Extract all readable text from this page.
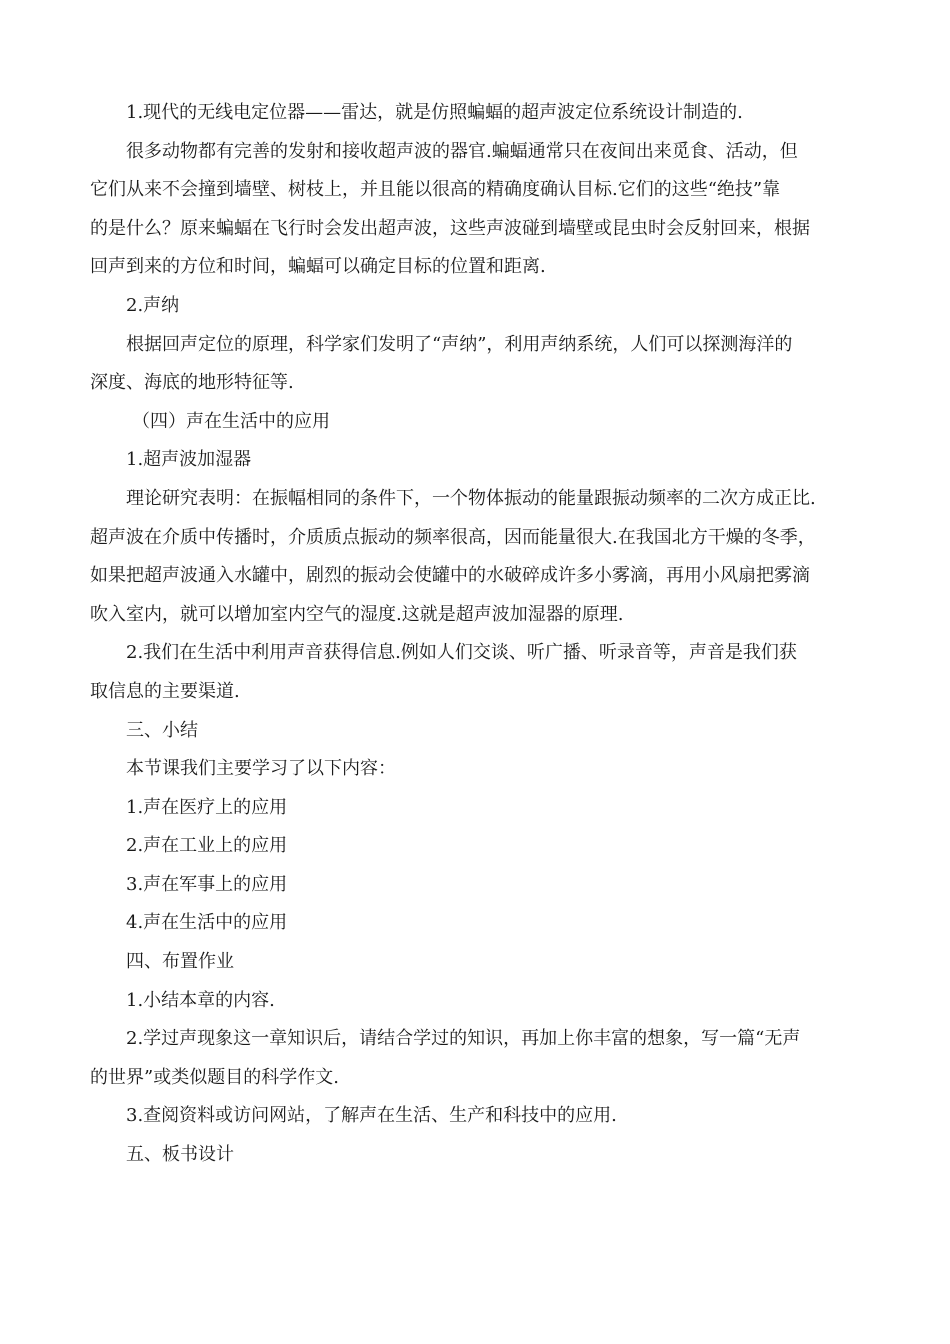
1.现代的无线电定位器——雷达，就是仿照蝙蝠的超声波定位系统设计制造的.

很多动物都有完善的发射和接收超声波的器官.蝙蝠通常只在夜间出来觅食、活动，但

它们从来不会撞到墙壁、树枝上，并且能以很高的精确度确认目标.它们的这些“绝技”靠

的是什么？原来蝙蝠在飞行时会发出超声波，这些声波碰到墙壁或昆虫时会反射回来，根据

回声到来的方位和时间，蝙蝠可以确定目标的位置和距离.

2.声纳

根据回声定位的原理，科学家们发明了“声纳”，利用声纳系统，人们可以探测海洋的

深度、海底的地形特征等.

（四）声在生活中的应用

1.超声波加湿器

理论研究表明：在振幅相同的条件下，一个物体振动的能量跟振动频率的二次方成正比.

超声波在介质中传播时，介质质点振动的频率很高，因而能量很大.在我国北方干燥的冬季，

如果把超声波通入水罐中，剧烈的振动会使罐中的水破碎成许多小雾滴，再用小风扇把雾滴

吹入室内，就可以增加室内空气的湿度.这就是超声波加湿器的原理.

2.我们在生活中利用声音获得信息.例如人们交谈、听广播、听录音等，声音是我们获

取信息的主要渠道.

三、小结

本节课我们主要学习了以下内容：

1.声在医疗上的应用

2.声在工业上的应用

3.声在军事上的应用

4.声在生活中的应用

四、布置作业

1.小结本章的内容.

2.学过声现象这一章知识后，请结合学过的知识，再加上你丰富的想象，写一篇“无声

的世界”或类似题目的科学作文.

3.查阅资料或访问网站，了解声在生活、生产和科技中的应用.

五、板书设计
